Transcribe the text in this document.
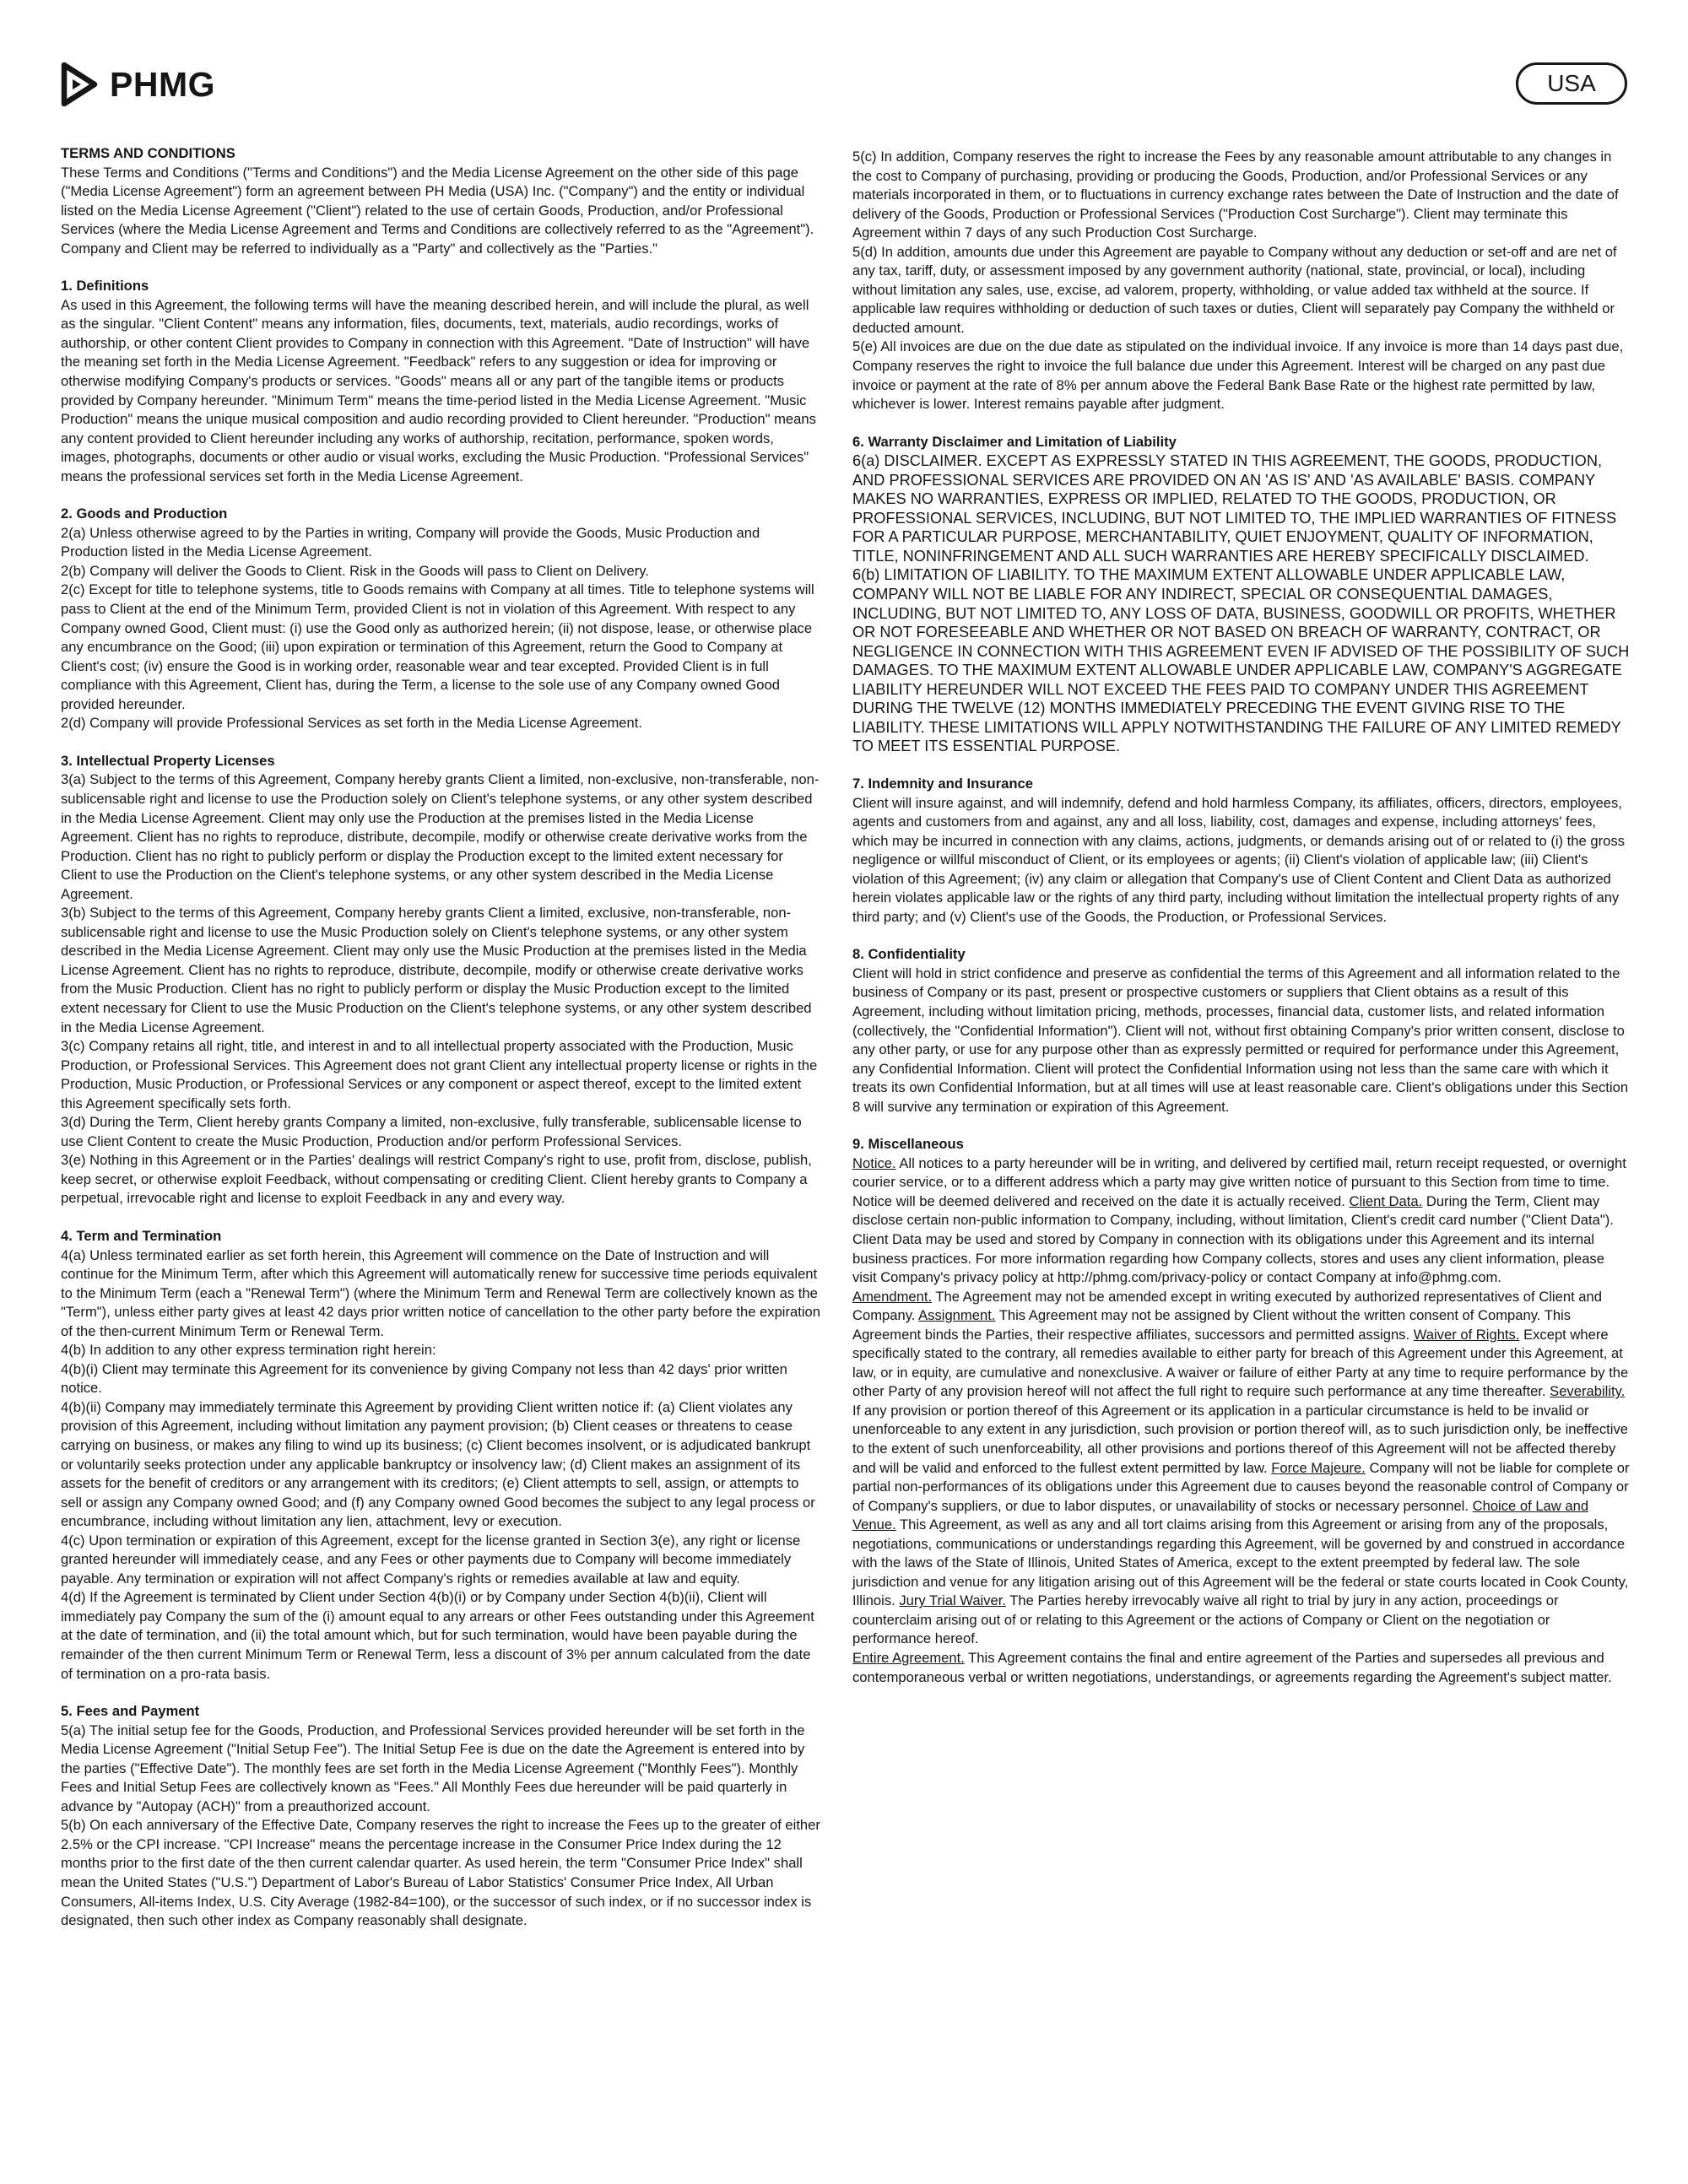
PHMG	USA

TERMS AND CONDITIONS

These Terms and Conditions ("Terms and Conditions") and the Media License Agreement on the other side of this page ("Media License Agreement") form an agreement between PH Media (USA) Inc. ("Company") and the entity or individual listed on the Media License Agreement ("Client") related to the use of certain Goods, Production, and/or Professional Services (where the Media License Agreement and Terms and Conditions are collectively referred to as the "Agreement"). Company and Client may be referred to individually as a "Party" and collectively as the "Parties."

1. Definitions

As used in this Agreement, the following terms will have the meaning described herein, and will include the plural, as well as the singular. "Client Content" means any information, files, documents, text, materials, audio recordings, works of authorship, or other content Client provides to Company in connection with this Agreement. "Date of Instruction" will have the meaning set forth in the Media License Agreement. "Feedback" refers to any suggestion or idea for improving or otherwise modifying Company's products or services. "Goods" means all or any part of the tangible items or products provided by Company hereunder. "Minimum Term" means the time-period listed in the Media License Agreement. "Music Production" means the unique musical composition and audio recording provided to Client hereunder. "Production" means any content provided to Client hereunder including any works of authorship, recitation, performance, spoken words, images, photographs, documents or other audio or visual works, excluding the Music Production. "Professional Services" means the professional services set forth in the Media License Agreement.

2. Goods and Production

2(a) Unless otherwise agreed to by the Parties in writing, Company will provide the Goods, Music Production and Production listed in the Media License Agreement.

2(b) Company will deliver the Goods to Client. Risk in the Goods will pass to Client on Delivery.

2(c) Except for title to telephone systems, title to Goods remains with Company at all times. Title to telephone systems will pass to Client at the end of the Minimum Term, provided Client is not in violation of this Agreement. With respect to any Company owned Good, Client must: (i) use the Good only as authorized herein; (ii) not dispose, lease, or otherwise place any encumbrance on the Good; (iii) upon expiration or termination of this Agreement, return the Good to Company at Client's cost; (iv) ensure the Good is in working order, reasonable wear and tear excepted. Provided Client is in full compliance with this Agreement, Client has, during the Term, a license to the sole use of any Company owned Good provided hereunder.

2(d) Company will provide Professional Services as set forth in the Media License Agreement.

3. Intellectual Property Licenses

3(a) Subject to the terms of this Agreement, Company hereby grants Client a limited, non-exclusive, non-transferable, non-sublicensable right and license to use the Production solely on Client's telephone systems, or any other system described in the Media License Agreement. Client may only use the Production at the premises listed in the Media License Agreement. Client has no rights to reproduce, distribute, decompile, modify or otherwise create derivative works from the Production. Client has no right to publicly perform or display the Production except to the limited extent necessary for Client to use the Production on the Client's telephone systems, or any other system described in the Media License Agreement.

3(b) Subject to the terms of this Agreement, Company hereby grants Client a limited, exclusive, non-transferable, non-sublicensable right and license to use the Music Production solely on Client's telephone systems, or any other system described in the Media License Agreement. Client may only use the Music Production at the premises listed in the Media License Agreement. Client has no rights to reproduce, distribute, decompile, modify or otherwise create derivative works from the Music Production. Client has no right to publicly perform or display the Music Production except to the limited extent necessary for Client to use the Music Production on the Client's telephone systems, or any other system described in the Media License Agreement.

3(c) Company retains all right, title, and interest in and to all intellectual property associated with the Production, Music Production, or Professional Services. This Agreement does not grant Client any intellectual property license or rights in the Production, Music Production, or Professional Services or any component or aspect thereof, except to the limited extent this Agreement specifically sets forth.

3(d) During the Term, Client hereby grants Company a limited, non-exclusive, fully transferable, sublicensable license to use Client Content to create the Music Production, Production and/or perform Professional Services.

3(e) Nothing in this Agreement or in the Parties' dealings will restrict Company's right to use, profit from, disclose, publish, keep secret, or otherwise exploit Feedback, without compensating or crediting Client. Client hereby grants to Company a perpetual, irrevocable right and license to exploit Feedback in any and every way.

4. Term and Termination

4(a) Unless terminated earlier as set forth herein, this Agreement will commence on the Date of Instruction and will continue for the Minimum Term, after which this Agreement will automatically renew for successive time periods equivalent to the Minimum Term (each a "Renewal Term") (where the Minimum Term and Renewal Term are collectively known as the "Term"), unless either party gives at least 42 days prior written notice of cancellation to the other party before the expiration of the then-current Minimum Term or Renewal Term.

4(b) In addition to any other express termination right herein:

4(b)(i) Client may terminate this Agreement for its convenience by giving Company not less than 42 days' prior written notice.

4(b)(ii) Company may immediately terminate this Agreement by providing Client written notice if: (a) Client violates any provision of this Agreement, including without limitation any payment provision; (b) Client ceases or threatens to cease carrying on business, or makes any filing to wind up its business; (c) Client becomes insolvent, or is adjudicated bankrupt or voluntarily seeks protection under any applicable bankruptcy or insolvency law; (d) Client makes an assignment of its assets for the benefit of creditors or any arrangement with its creditors; (e) Client attempts to sell, assign, or attempts to sell or assign any Company owned Good; and (f) any Company owned Good becomes the subject to any legal process or encumbrance, including without limitation any lien, attachment, levy or execution.

4(c) Upon termination or expiration of this Agreement, except for the license granted in Section 3(e), any right or license granted hereunder will immediately cease, and any Fees or other payments due to Company will become immediately payable. Any termination or expiration will not affect Company's rights or remedies available at law and equity.

4(d) If the Agreement is terminated by Client under Section 4(b)(i) or by Company under Section 4(b)(ii), Client will immediately pay Company the sum of the (i) amount equal to any arrears or other Fees outstanding under this Agreement at the date of termination, and (ii) the total amount which, but for such termination, would have been payable during the remainder of the then current Minimum Term or Renewal Term, less a discount of 3% per annum calculated from the date of termination on a pro-rata basis.

5. Fees and Payment

5(a) The initial setup fee for the Goods, Production, and Professional Services provided hereunder will be set forth in the Media License Agreement ("Initial Setup Fee"). The Initial Setup Fee is due on the date the Agreement is entered into by the parties ("Effective Date"). The monthly fees are set forth in the Media License Agreement ("Monthly Fees"). Monthly Fees and Initial Setup Fees are collectively known as "Fees." All Monthly Fees due hereunder will be paid quarterly in advance by "Autopay (ACH)" from a preauthorized account.

5(b) On each anniversary of the Effective Date, Company reserves the right to increase the Fees up to the greater of either 2.5% or the CPI increase. "CPI Increase" means the percentage increase in the Consumer Price Index during the 12 months prior to the first date of the then current calendar quarter. As used herein, the term "Consumer Price Index" shall mean the United States ("U.S.") Department of Labor's Bureau of Labor Statistics' Consumer Price Index, All Urban Consumers, All-items Index, U.S. City Average (1982-84=100), or the successor of such index, or if no successor index is designated, then such other index as Company reasonably shall designate.

5(c) In addition, Company reserves the right to increase the Fees by any reasonable amount attributable to any changes in the cost to Company of purchasing, providing or producing the Goods, Production, and/or Professional Services or any materials incorporated in them, or to fluctuations in currency exchange rates between the Date of Instruction and the date of delivery of the Goods, Production or Professional Services ("Production Cost Surcharge"). Client may terminate this Agreement within 7 days of any such Production Cost Surcharge.

5(d) In addition, amounts due under this Agreement are payable to Company without any deduction or set-off and are net of any tax, tariff, duty, or assessment imposed by any government authority (national, state, provincial, or local), including without limitation any sales, use, excise, ad valorem, property, withholding, or value added tax withheld at the source. If applicable law requires withholding or deduction of such taxes or duties, Client will separately pay Company the withheld or deducted amount.

5(e) All invoices are due on the due date as stipulated on the individual invoice. If any invoice is more than 14 days past due, Company reserves the right to invoice the full balance due under this Agreement. Interest will be charged on any past due invoice or payment at the rate of 8% per annum above the Federal Bank Base Rate or the highest rate permitted by law, whichever is lower. Interest remains payable after judgment.

6. Warranty Disclaimer and Limitation of Liability

6(a) DISCLAIMER. EXCEPT AS EXPRESSLY STATED IN THIS AGREEMENT, THE GOODS, PRODUCTION, AND PROFESSIONAL SERVICES ARE PROVIDED ON AN 'AS IS' AND 'AS AVAILABLE' BASIS. COMPANY MAKES NO WARRANTIES, EXPRESS OR IMPLIED, RELATED TO THE GOODS, PRODUCTION, OR PROFESSIONAL SERVICES, INCLUDING, BUT NOT LIMITED TO, THE IMPLIED WARRANTIES OF FITNESS FOR A PARTICULAR PURPOSE, MERCHANTABILITY, QUIET ENJOYMENT, QUALITY OF INFORMATION, TITLE, NONINFRINGEMENT AND ALL SUCH WARRANTIES ARE HEREBY SPECIFICALLY DISCLAIMED.

6(b) LIMITATION OF LIABILITY. TO THE MAXIMUM EXTENT ALLOWABLE UNDER APPLICABLE LAW, COMPANY WILL NOT BE LIABLE FOR ANY INDIRECT, SPECIAL OR CONSEQUENTIAL DAMAGES, INCLUDING, BUT NOT LIMITED TO, ANY LOSS OF DATA, BUSINESS, GOODWILL OR PROFITS, WHETHER OR NOT FORESEEABLE AND WHETHER OR NOT BASED ON BREACH OF WARRANTY, CONTRACT, OR NEGLIGENCE IN CONNECTION WITH THIS AGREEMENT EVEN IF ADVISED OF THE POSSIBILITY OF SUCH DAMAGES. TO THE MAXIMUM EXTENT ALLOWABLE UNDER APPLICABLE LAW, COMPANY'S AGGREGATE LIABILITY HEREUNDER WILL NOT EXCEED THE FEES PAID TO COMPANY UNDER THIS AGREEMENT DURING THE TWELVE (12) MONTHS IMMEDIATELY PRECEDING THE EVENT GIVING RISE TO THE LIABILITY. THESE LIMITATIONS WILL APPLY NOTWITHSTANDING THE FAILURE OF ANY LIMITED REMEDY TO MEET ITS ESSENTIAL PURPOSE.

7. Indemnity and Insurance

Client will insure against, and will indemnify, defend and hold harmless Company, its affiliates, officers, directors, employees, agents and customers from and against, any and all loss, liability, cost, damages and expense, including attorneys' fees, which may be incurred in connection with any claims, actions, judgments, or demands arising out of or related to (i) the gross negligence or willful misconduct of Client, or its employees or agents; (ii) Client's violation of applicable law; (iii) Client's violation of this Agreement; (iv) any claim or allegation that Company's use of Client Content and Client Data as authorized herein violates applicable law or the rights of any third party, including without limitation the intellectual property rights of any third party; and (v) Client's use of the Goods, the Production, or Professional Services.

8. Confidentiality

Client will hold in strict confidence and preserve as confidential the terms of this Agreement and all information related to the business of Company or its past, present or prospective customers or suppliers that Client obtains as a result of this Agreement, including without limitation pricing, methods, processes, financial data, customer lists, and related information (collectively, the "Confidential Information"). Client will not, without first obtaining Company's prior written consent, disclose to any other party, or use for any purpose other than as expressly permitted or required for performance under this Agreement, any Confidential Information. Client will protect the Confidential Information using not less than the same care with which it treats its own Confidential Information, but at all times will use at least reasonable care. Client's obligations under this Section 8 will survive any termination or expiration of this Agreement.

9. Miscellaneous

Notice. All notices to a party hereunder will be in writing, and delivered by certified mail, return receipt requested, or overnight courier service, or to a different address which a party may give written notice of pursuant to this Section from time to time. Notice will be deemed delivered and received on the date it is actually received. Client Data. During the Term, Client may disclose certain non-public information to Company, including, without limitation, Client's credit card number ("Client Data"). Client Data may be used and stored by Company in connection with its obligations under this Agreement and its internal business practices. For more information regarding how Company collects, stores and uses any client information, please visit Company's privacy policy at http://phmg.com/privacy-policy or contact Company at info@phmg.com.

Amendment. The Agreement may not be amended except in writing executed by authorized representatives of Client and Company. Assignment. This Agreement may not be assigned by Client without the written consent of Company. This Agreement binds the Parties, their respective affiliates, successors and permitted assigns. Waiver of Rights. Except where specifically stated to the contrary, all remedies available to either party for breach of this Agreement under this Agreement, at law, or in equity, are cumulative and nonexclusive. A waiver or failure of either Party at any time to require performance by the other Party of any provision hereof will not affect the full right to require such performance at any time thereafter. Severability. If any provision or portion thereof of this Agreement or its application in a particular circumstance is held to be invalid or unenforceable to any extent in any jurisdiction, such provision or portion thereof will, as to such jurisdiction only, be ineffective to the extent of such unenforceability, all other provisions and portions thereof of this Agreement will not be affected thereby and will be valid and enforced to the fullest extent permitted by law. Force Majeure. Company will not be liable for complete or partial non-performances of its obligations under this Agreement due to causes beyond the reasonable control of Company or of Company's suppliers, or due to labor disputes, or unavailability of stocks or necessary personnel. Choice of Law and Venue. This Agreement, as well as any and all tort claims arising from this Agreement or arising from any of the proposals, negotiations, communications or understandings regarding this Agreement, will be governed by and construed in accordance with the laws of the State of Illinois, United States of America, except to the extent preempted by federal law. The sole jurisdiction and venue for any litigation arising out of this Agreement will be the federal or state courts located in Cook County, Illinois. Jury Trial Waiver. The Parties hereby irrevocably waive all right to trial by jury in any action, proceedings or counterclaim arising out of or relating to this Agreement or the actions of Company or Client on the negotiation or performance hereof.

Entire Agreement. This Agreement contains the final and entire agreement of the Parties and supersedes all previous and contemporaneous verbal or written negotiations, understandings, or agreements regarding the Agreement's subject matter.
